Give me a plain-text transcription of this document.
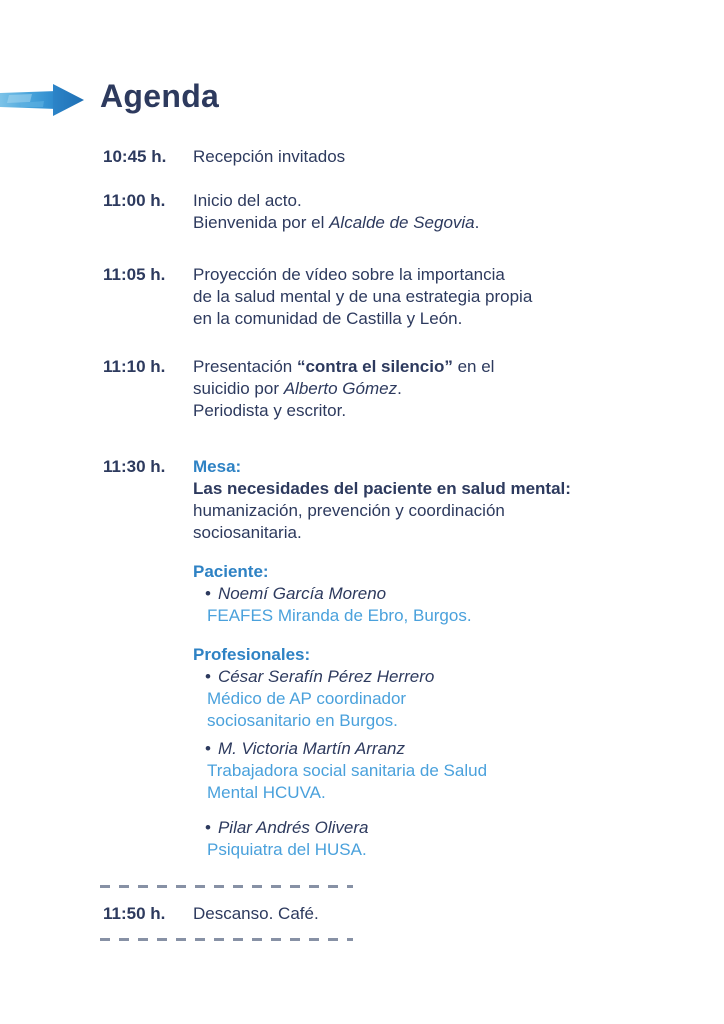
Agenda
10:45 h.	Recepción invitados
11:00 h.	Inicio del acto.
Bienvenida por el Alcalde de Segovia.
11:05 h.	Proyección de vídeo sobre la importancia
de la salud mental y de una estrategia propia
en la comunidad de Castilla y León.
11:10 h.	Presentación “contra el silencio” en el
suicidio por Alberto Gómez.
Periodista y escritor.
11:30 h.	Mesa:
Las necesidades del paciente en salud mental:
humanización, prevención y coordinación
sociosanitaria.
Paciente:
• Noemí García Moreno
FEAFES Miranda de Ebro, Burgos.
Profesionales:
• César Serafín Pérez Herrero
Médico de AP coordinador
sociosanitario en Burgos.
• M. Victoria Martín Arranz
Trabajadora social sanitaria de Salud
Mental HCUVA.
• Pilar Andrés Olivera
Psiquiatra del HUSA.
11:50 h.	Descanso. Café.
